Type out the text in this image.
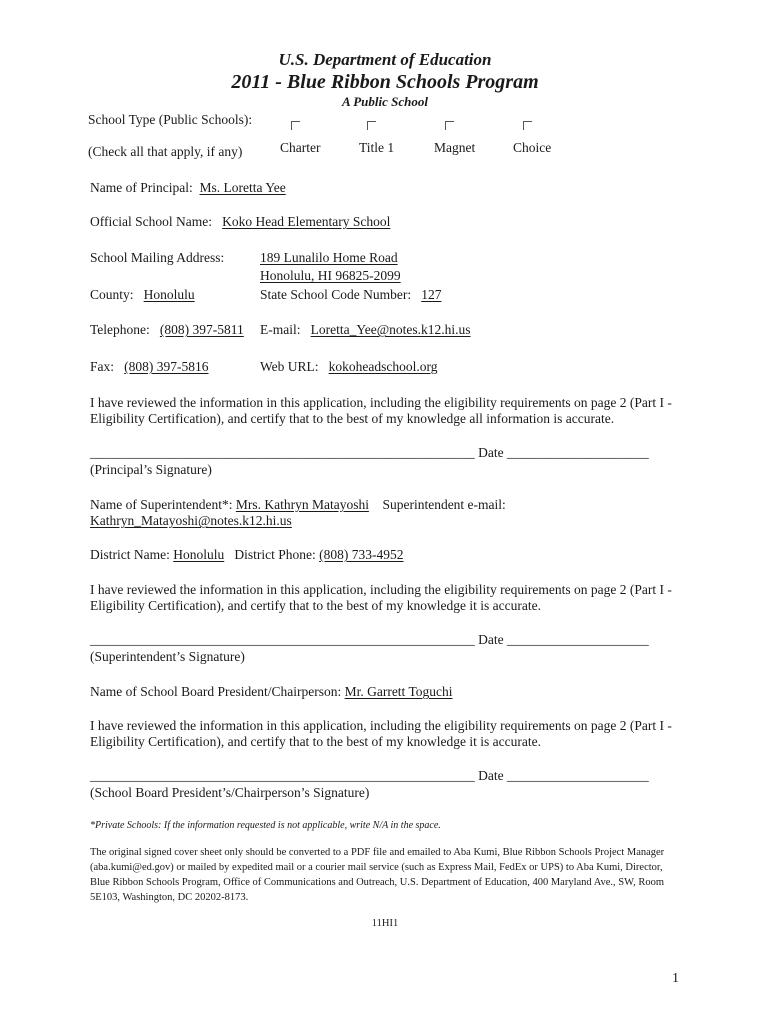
U.S. Department of Education
2011 - Blue Ribbon Schools Program
A Public School
School Type (Public Schools):
(Check all that apply, if any)	Charter	Title 1	Magnet	Choice
Name of Principal: Ms. Loretta Yee
Official School Name: Koko Head Elementary School
School Mailing Address:	189 Lunalilo Home Road
Honolulu, HI 96825-2099
County: Honolulu	State School Code Number: 127
Telephone: (808) 397-5811 E-mail: Loretta_Yee@notes.k12.hi.us
Fax: (808) 397-5816	Web URL: kokoheadschool.org
I have reviewed the information in this application, including the eligibility requirements on page 2 (Part I - Eligibility Certification), and certify that to the best of my knowledge all information is accurate.
_________________________________________________________ Date _____________________
(Principal’s Signature)
Name of Superintendent*: Mrs. Kathryn Matayoshi Superintendent e-mail:
Kathryn_Matayoshi@notes.k12.hi.us
District Name: Honolulu District Phone: (808) 733-4952
I have reviewed the information in this application, including the eligibility requirements on page 2 (Part I - Eligibility Certification), and certify that to the best of my knowledge it is accurate.
_________________________________________________________ Date _____________________
(Superintendent’s Signature)
Name of School Board President/Chairperson: Mr. Garrett Toguchi
I have reviewed the information in this application, including the eligibility requirements on page 2 (Part I - Eligibility Certification), and certify that to the best of my knowledge it is accurate.
_________________________________________________________ Date _____________________
(School Board President’s/Chairperson’s Signature)
*Private Schools: If the information requested is not applicable, write N/A in the space.
The original signed cover sheet only should be converted to a PDF file and emailed to Aba Kumi, Blue Ribbon Schools Project Manager (aba.kumi@ed.gov) or mailed by expedited mail or a courier mail service (such as Express Mail, FedEx or UPS) to Aba Kumi, Director, Blue Ribbon Schools Program, Office of Communications and Outreach, U.S. Department of Education, 400 Maryland Ave., SW, Room 5E103, Washington, DC 20202-8173.
11HI1
1
